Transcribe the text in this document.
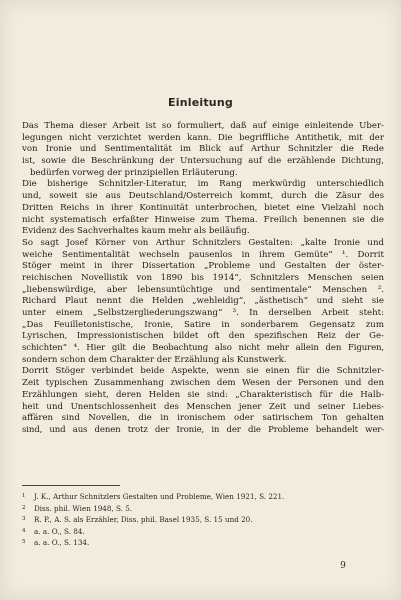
Einleitung
Das Thema dieser Arbeit ist so formuliert, daß auf einige einleitende Über-
legungen nicht verzichtet werden kann. Die begriffliche Antithetik, mit der
von Ironie und Sentimentalität im Blick auf Arthur Schnitzler die Rede
ist, sowie die Beschränkung der Untersuchung auf die erzählende Dichtung,
bedürfen vorweg der prinzipiellen Erläuterung.
Die bisherige Schnitzler-Literatur, im Rang merkwürdig unterschiedlich
und, soweit sie aus Deutschland/Österreich kommt, durch die Zäsur des
Dritten Reichs in ihrer Kontinuität unterbrochen, bietet eine Vielzahl noch
nicht systematisch erfaßter Hinweise zum Thema. Freilich benennen sie die
Evidenz des Sachverhaltes kaum mehr als beiläufig.
So sagt Josef Körner von Arthur Schnitzlers Gestalten: „kalte Ironie und
weiche Sentimentalität wechseln pausenlos in ihrem Gemüte“ ¹. Dorrit
Stöger meint in ihrer Dissertation „Probleme und Gestalten der öster-
reichischen Novellistik von 1890 bis 1914“, Schnitzlers Menschen seien
„liebenswürdige, aber lebensuntüchtige und sentimentale“ Menschen ².
Richard Plaut nennt die Helden „wehleidig“, „ästhetisch“ und sieht sie
unter einem „Selbstzergliederungszwang“ ³. In derselben Arbeit steht:
„Das Feuilletonistische, Ironie, Satire in sonderbarem Gegensatz zum
Lyrischen, Impressionistischen bildet oft den spezifischen Reiz der Ge-
schichten“ ⁴. Hier gilt die Beobachtung also nicht mehr allein den Figuren,
sondern schon dem Charakter der Erzählung als Kunstwerk.
Dorrit Stöger verbindet beide Aspekte, wenn sie einen für die Schnitzler-
Zeit typischen Zusammenhang zwischen dem Wesen der Personen und den
Erzählungen sieht, deren Helden sie sind: „Charakteristisch für die Halb-
heit und Unentschlossenheit des Menschen jener Zeit und seiner Liebes-
affären sind Novellen, die in ironischem oder satirischem Ton gehalten
sind, und aus denen trotz der Ironie, in der die Probleme behandelt wer-
1 J. K., Arthur Schnitzlers Gestalten und Probleme, Wien 1921, S. 221.
2 Diss. phil. Wien 1948, S. 5.
3 R. P., A. S. als Erzähler, Diss. phil. Basel 1935, S. 15 und 20.
4 a. a. O., S. 84.
5 a. a. O., S. 134.
9
